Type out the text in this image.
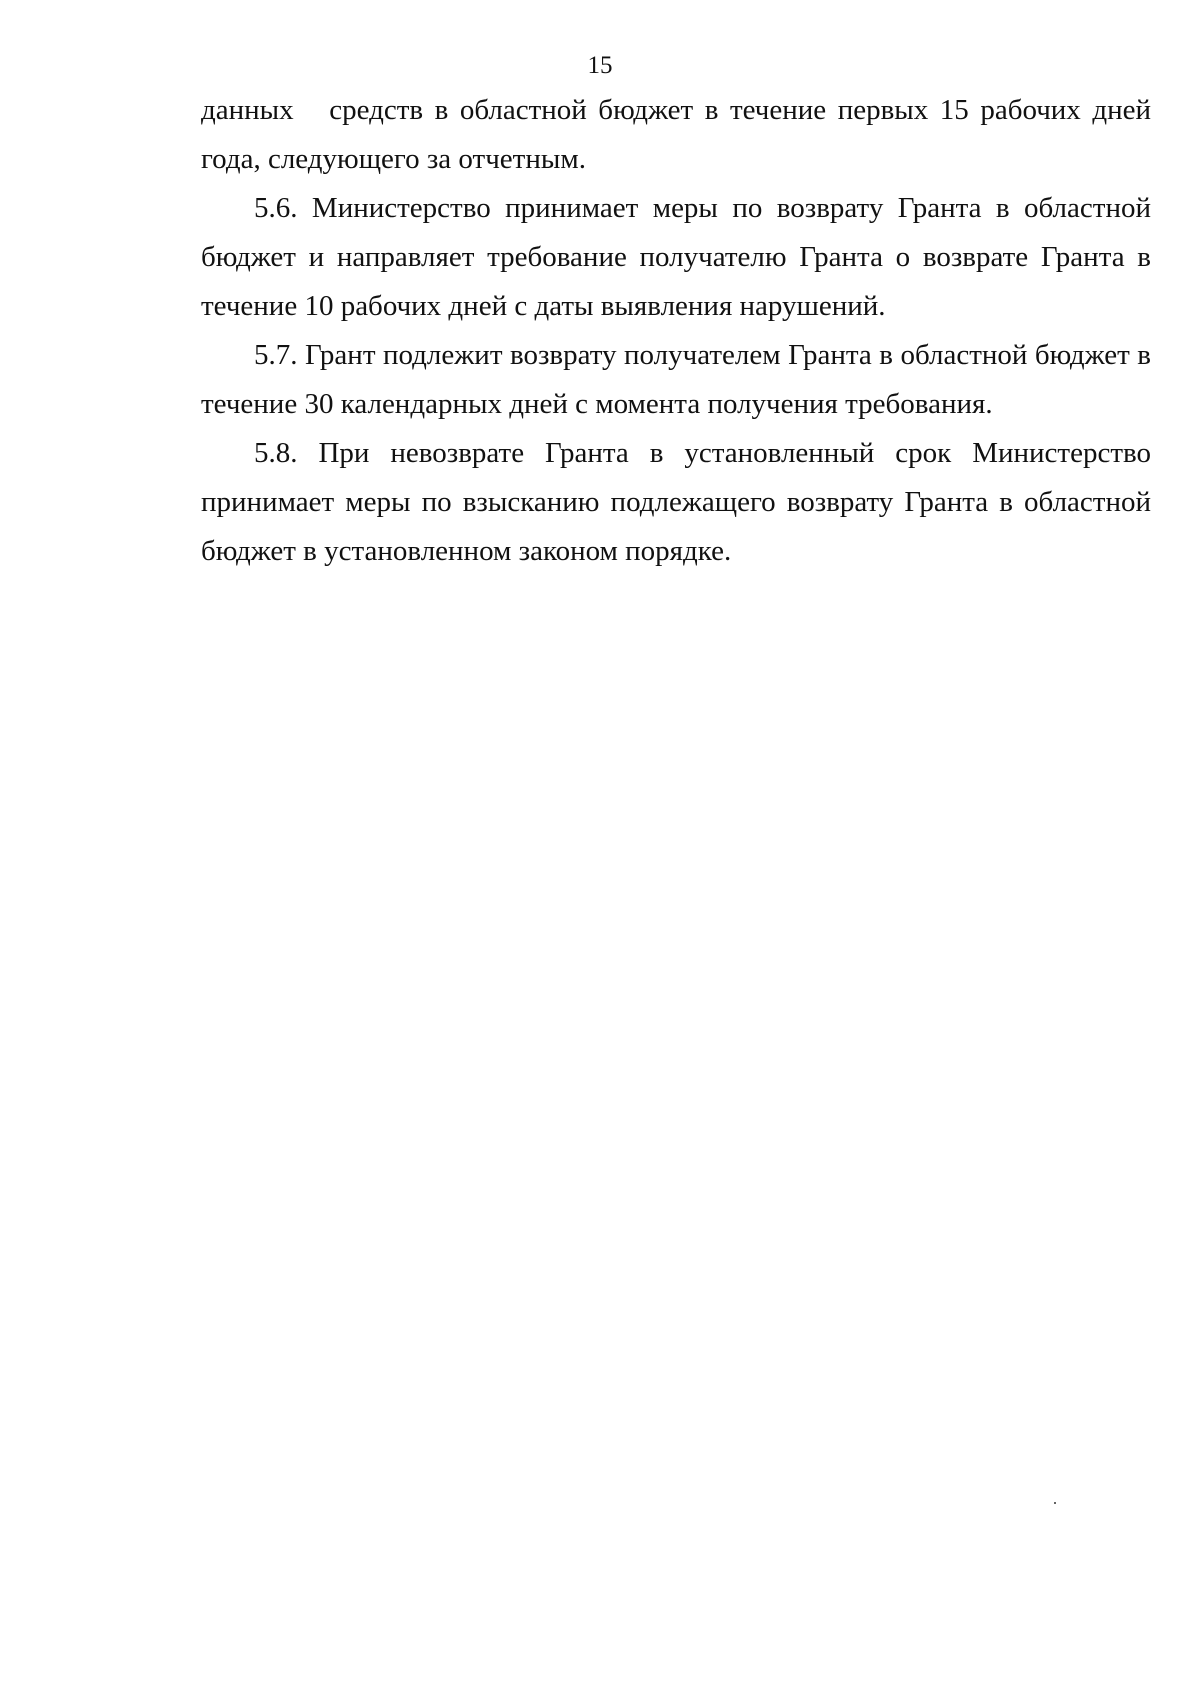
15

данных средств в областной бюджет в течение первых 15 рабочих дней года, следующего за отчетным.

5.6. Министерство принимает меры по возврату Гранта в областной бюджет и направляет требование получателю Гранта о возврате Гранта в течение 10 рабочих дней с даты выявления нарушений.

5.7. Грант подлежит возврату получателем Гранта в областной бюджет в течение 30 календарных дней с момента получения требования.

5.8. При невозврате Гранта в установленный срок Министерство принимает меры по взысканию подлежащего возврату Гранта в областной бюджет в установленном законом порядке.
